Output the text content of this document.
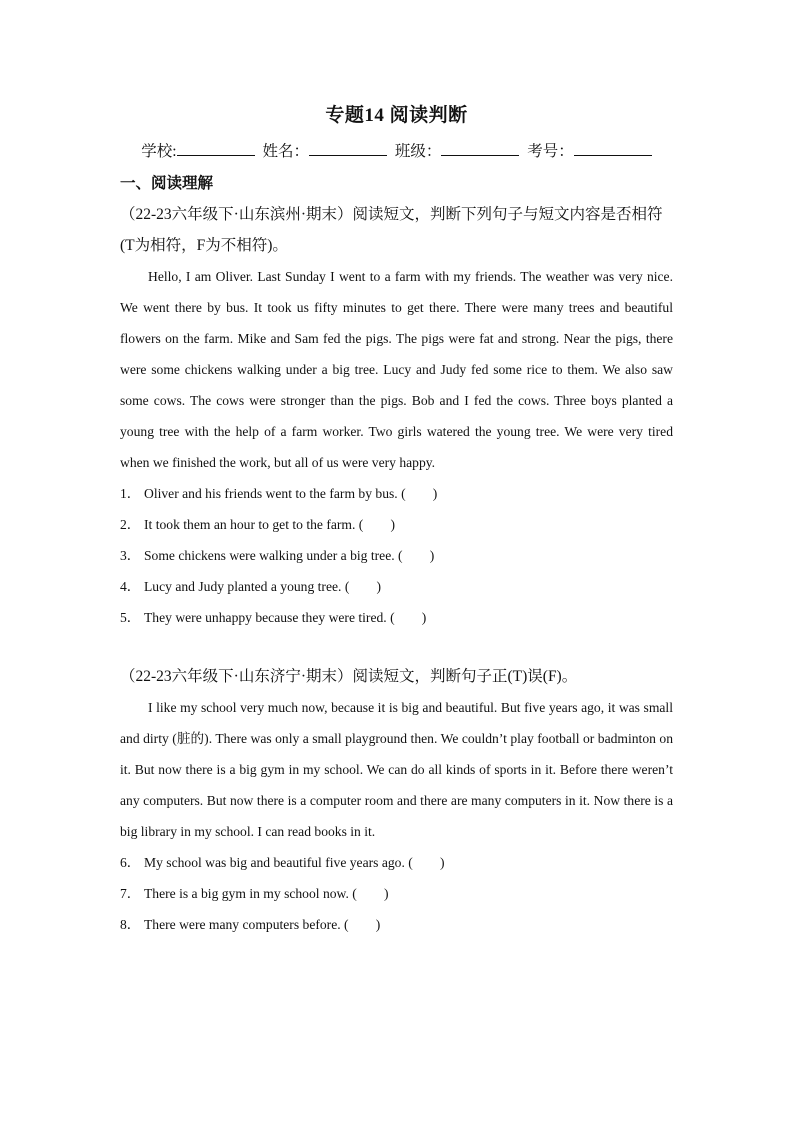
专题14 阅读判断
学校:	姓名：	班级：	考号：
一、阅读理解

（22-23六年级下·山东滨州·期末）阅读短文，判断下列句子与短文内容是否相符(T为相符，F为不相符)。

Hello, I am Oliver. Last Sunday I went to a farm with my friends. The weather was very nice. We went there by bus. It took us fifty minutes to get there. There were many trees and beautiful flowers on the farm. Mike and Sam fed the pigs. The pigs were fat and strong. Near the pigs, there were some chickens walking under a big tree. Lucy and Judy fed some rice to them. We also saw some cows. The cows were stronger than the pigs. Bob and I fed the cows. Three boys planted a young tree with the help of a farm worker. Two girls watered the young tree. We were very tired when we finished the work, but all of us were very happy.

1． Oliver and his friends went to the farm by bus. (　　)

2． It took them an hour to get to the farm. (　　)

3． Some chickens were walking under a big tree. (　　)

4． Lucy and Judy planted a young tree. (　　)

5． They were unhappy because they were tired. (　　)

（22-23六年级下·山东济宁·期末）阅读短文，判断句子正(T)误(F)。

I like my school very much now, because it is big and beautiful. But five years ago, it was small and dirty (脏的). There was only a small playground then. We couldn’t play football or badminton on it. But now there is a big gym in my school. We can do all kinds of sports in it. Before there weren’t any computers. But now there is a computer room and there are many computers in it. Now there is a big library in my school. I can read books in it.

6． My school was big and beautiful five years ago. (　　)

7． There is a big gym in my school now. (　　)

8． There were many computers before. (　　)
